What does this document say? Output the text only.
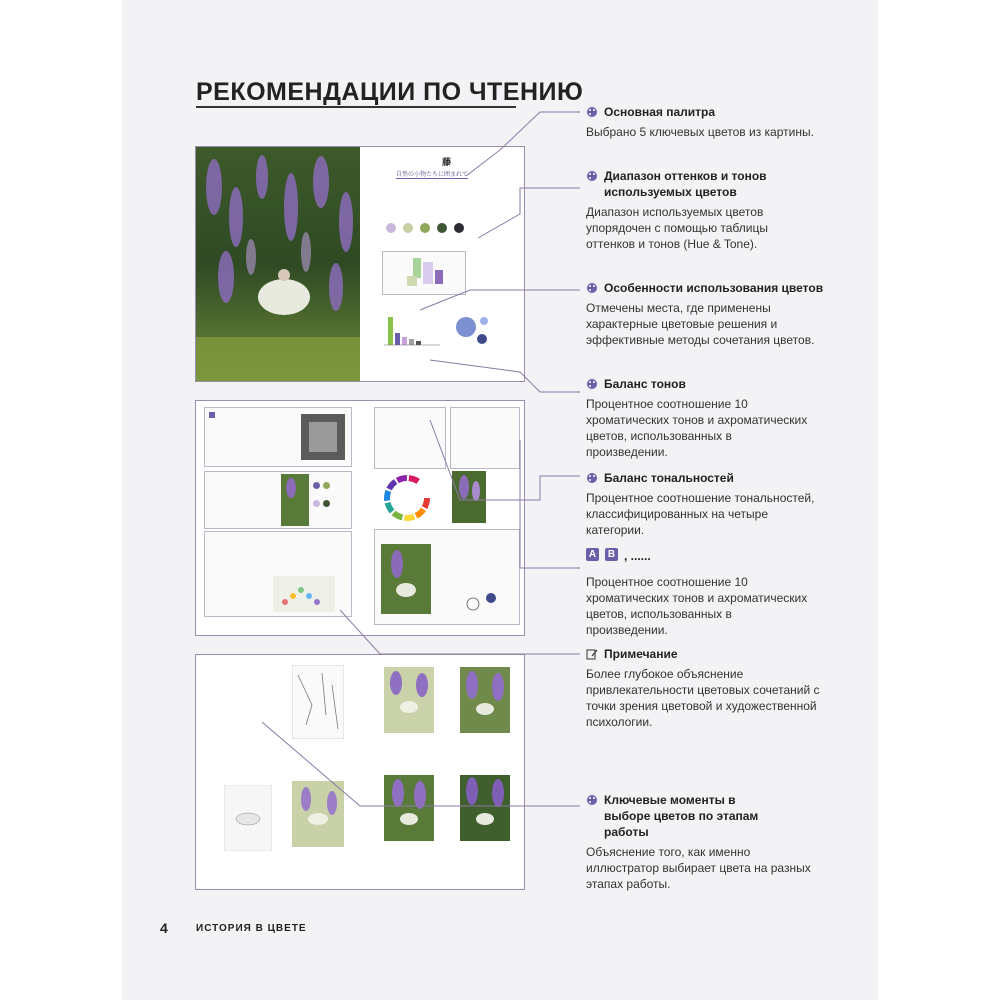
РЕКОМЕНДАЦИИ ПО ЧТЕНИЮ
藤
自然の小物たちに囲まれて
Основная палитра
Выбрано 5 ключевых цветов из картины.
Диапазон оттенков и тонов используемых цветов
Диапазон используемых цветов упорядочен с помощью таблицы оттенков и тонов (Hue & Tone).
Особенности использования цветов
Отмечены места, где применены характерные цветовые решения и эффективные методы сочетания цветов.
Баланс тонов
Процентное соотношение 10 хроматических тонов и ахроматических цветов, использованных в произведении.
Баланс тональностей
Процентное соотношение тональностей, классифицированных на четыре категории.
A B , ......
Процентное соотношение 10 хроматических тонов и ахроматических цветов, использованных в произведении.
Примечание
Более глубокое объяснение привлекательности цветовых сочетаний с точки зрения цветовой и художественной психологии.
Ключевые моменты в выборе цветов по этапам работы
Объяснение того, как именно иллюстратор выбирает цвета на разных этапах работы.
4	ИСТОРИЯ В ЦВЕТЕ
